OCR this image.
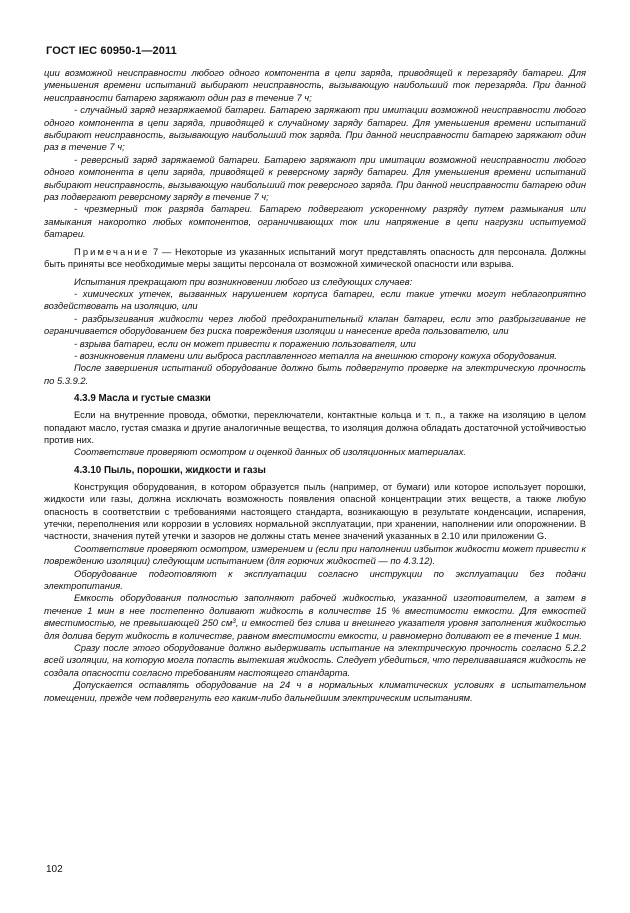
ГОСТ IEC 60950-1—2011

ции возможной неисправности любого одного компонента в цепи заряда, приводящей к перезаряду батареи. Для уменьшения времени испытаний выбирают неисправность, вызывающую наибольший ток перезаряда. При данной неисправности батарею заряжают один раз в течение 7 ч;

- случайный заряд незаряжаемой батареи. Батарею заряжают при имитации возможной неисправности любого одного компонента в цепи заряда, приводящей к случайному заряду батареи. Для уменьшения времени испытаний выбирают неисправность, вызывающую наибольший ток заряда. При данной неисправности батарею заряжают один раз в течение 7 ч;

- реверсный заряд заряжаемой батареи. Батарею заряжают при имитации возможной неисправности любого одного компонента в цепи заряда, приводящей к реверсному заряду батареи. Для уменьшения времени испытаний выбирают неисправность, вызывающую наибольший ток реверсного заряда. При данной неисправности батарею один раз подвергают реверсному заряду в течение 7 ч;

- чрезмерный ток разряда батареи. Батарею подвергают ускоренному разряду путем размыкания или замыкания накоротко любых компонентов, ограничивающих ток или напряжение в цепи нагрузки испытуемой батареи.

Примечание 7 — Некоторые из указанных испытаний могут представлять опасность для персонала. Должны быть приняты все необходимые меры защиты персонала от возможной химической опасности или взрыва.

Испытания прекращают при возникновении любого из следующих случаев:

- химических утечек, вызванных нарушением корпуса батареи, если такие утечки могут неблагоприятно воздействовать на изоляцию, или

- разбрызгивания жидкости через любой предохранительный клапан батареи, если это разбрызгивание не ограничивается оборудованием без риска повреждения изоляции и нанесение вреда пользователю, или

- взрыва батареи, если он может привести к поражению пользователя, или

- возникновения пламени или выброса расплавленного металла на внешнюю сторону кожуха оборудования.

После завершения испытаний оборудование должно быть подвергнуто проверке на электрическую прочность по 5.3.9.2.

4.3.9 Масла и густые смазки

Если на внутренние провода, обмотки, переключатели, контактные кольца и т. п., а также на изоляцию в целом попадают масло, густая смазка и другие аналогичные вещества, то изоляция должна обладать достаточной устойчивостью против них.

Соответствие проверяют осмотром и оценкой данных об изоляционных материалах.

4.3.10 Пыль, порошки, жидкости и газы

Конструкция оборудования, в котором образуется пыль (например, от бумаги) или которое использует порошки, жидкости или газы, должна исключать возможность появления опасной концентрации этих веществ, а также любую опасность в соответствии с требованиями настоящего стандарта, возникающую в результате конденсации, испарения, утечки, переполнения или коррозии в условиях нормальной эксплуатации, при хранении, наполнении или опорожнении. В частности, значения путей утечки и зазоров не должны стать менее значений указанных в 2.10 или приложении G.

Соответствие проверяют осмотром, измерением и (если при наполнении избыток жидкости может привести к повреждению изоляции) следующим испытанием (для горючих жидкостей — по 4.3.12).

Оборудование подготовляют к эксплуатации согласно инструкции по эксплуатации без подачи электропитания.

Емкость оборудования полностью заполняют рабочей жидкостью, указанной изготовителем, а затем в течение 1 мин в нее постепенно доливают жидкость в количестве 15 % вместимости емкости. Для емкостей вместимостью, не превышающей 250 $см^3$, и емкостей без слива и внешнего указателя уровня заполнения жидкостью для долива берут жидкость в количестве, равном вместимости емкости, и равномерно доливают ее в течение 1 мин.

Сразу после этого оборудование должно выдерживать испытание на электрическую прочность согласно 5.2.2 всей изоляции, на которую могла попасть вытекшая жидкость. Следует убедиться, что переливавшаяся жидкость не создала опасности согласно требованиям настоящего стандарта.

Допускается оставлять оборудование на 24 ч в нормальных климатических условиях в испытательном помещении, прежде чем подвергнуть его каким-либо дальнейшим электрическим испытаниям.

102
